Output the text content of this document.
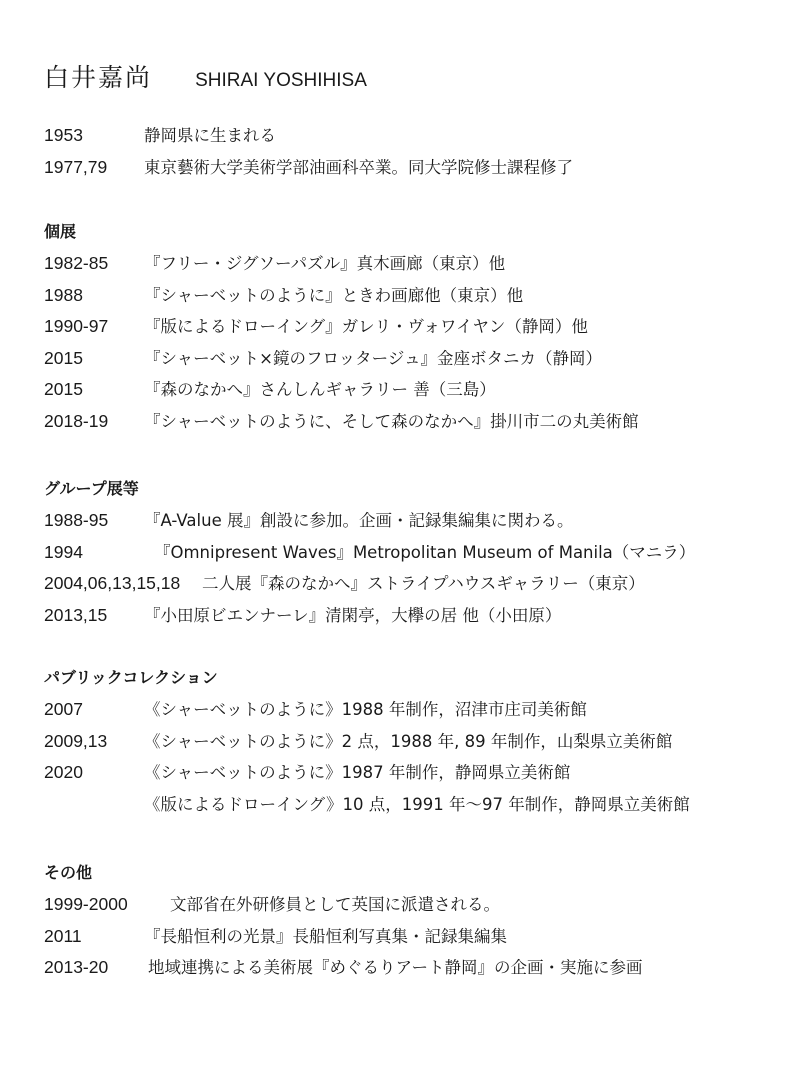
白井嘉尚 SHIRAI YOSHIHISA
1953	静岡県に生まれる
1977,79 東京藝術大学美術学部油画科卒業。同大学院修士課程修了
個展
1982-85 『フリー・ジグソーパズル』真木画廊（東京）他
1988	『シャーベットのように』ときわ画廊他（東京）他
1990-97 『版によるドローイング』ガレリ・ヴォワイヤン（静岡）他
2015	『シャーベット×鏡のフロッタージュ』金座ボタニカ（静岡）
2015	『森のなかへ』さんしんギャラリー 善（三島）
2018-19 『シャーベットのように、そして森のなかへ』掛川市二の丸美術館
グループ展等
1988-95 『A-Value 展』創設に参加。企画・記録集編集に関わる。
1994	『Omnipresent Waves』Metropolitan Museum of Manila（マニラ）
2004,06,13,15,18 二人展『森のなかへ』ストライプハウスギャラリー（東京）
2013,15 『小田原ビエンナーレ』清閑亭，大欅の居 他（小田原）
パブリックコレクション
2007	《シャーベットのように》1988 年制作，沼津市庄司美術館
2009,13 《シャーベットのように》2 点，1988 年, 89 年制作，山梨県立美術館
2020	《シャーベットのように》1987 年制作，静岡県立美術館
《版によるドローイング》10 点，1991 年～97 年制作，静岡県立美術館
その他
1999-2000	文部省在外研修員として英国に派遣される。
2011	『長船恒利の光景』長船恒利写真集・記録集編集
2013-20 地域連携による美術展『めぐるりアート静岡』の企画・実施に参画
